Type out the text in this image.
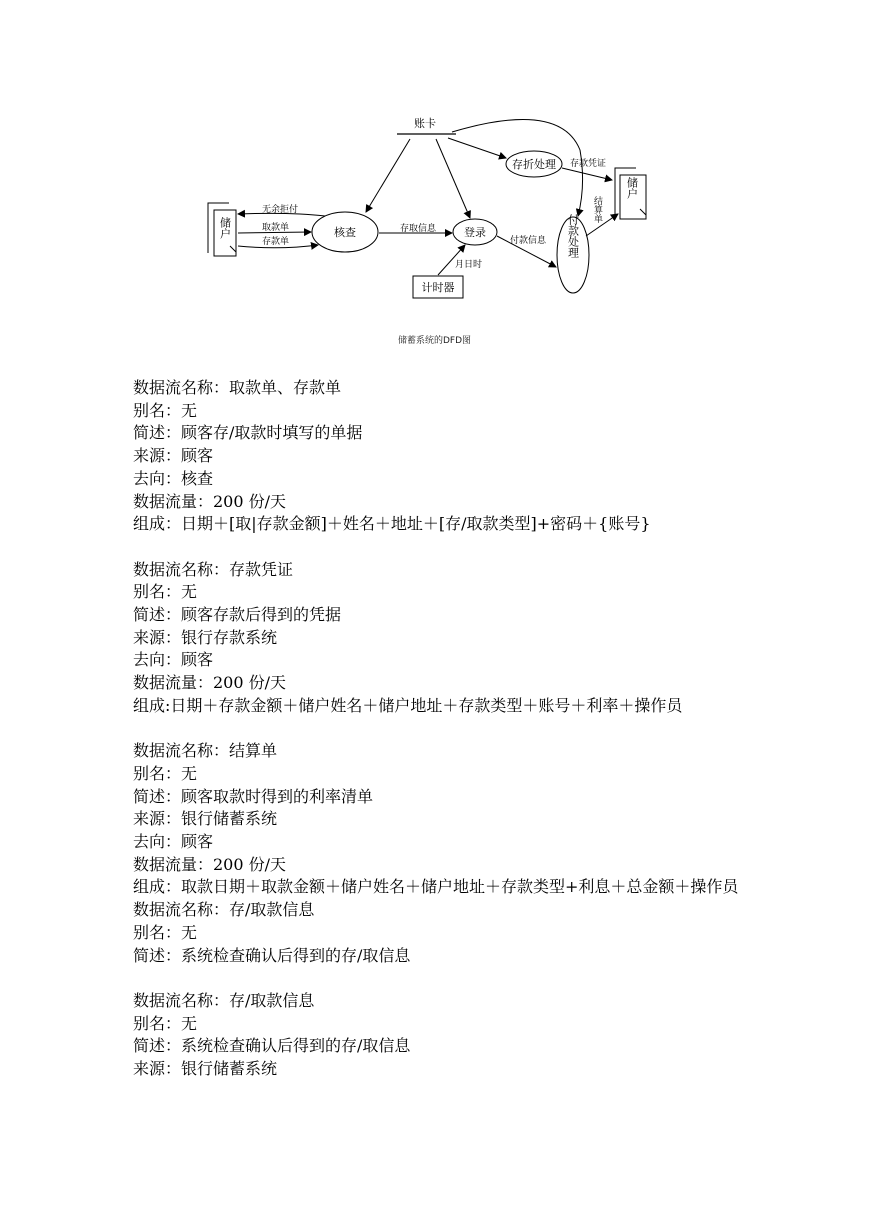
账卡
储户	核查	登录
计时器
存折处理
付款处理
储户
无余拒付
取款单
存款单
存取信息
月日时
付款信息
存款凭证
结算单
储蓄系统的DFD图
数据流名称：取款单、存款单
别名：无
简述：顾客存/取款时填写的单据
来源：顾客
去向：核查
数据流量：200 份/天
组成：日期＋[取|存款金额]＋姓名＋地址＋[存/取款类型]+密码＋{账号}
数据流名称：存款凭证
别名：无
简述：顾客存款后得到的凭据
来源：银行存款系统
去向：顾客
数据流量：200 份/天
组成:日期＋存款金额＋储户姓名＋储户地址＋存款类型＋账号＋利率＋操作员
数据流名称：结算单
别名：无
简述：顾客取款时得到的利率清单
来源：银行储蓄系统
去向：顾客
数据流量：200 份/天
组成：取款日期＋取款金额＋储户姓名＋储户地址＋存款类型+利息＋总金额＋操作员
数据流名称：存/取款信息
别名：无
简述：系统检查确认后得到的存/取信息
数据流名称：存/取款信息
别名：无
简述：系统检查确认后得到的存/取信息
来源：银行储蓄系统
